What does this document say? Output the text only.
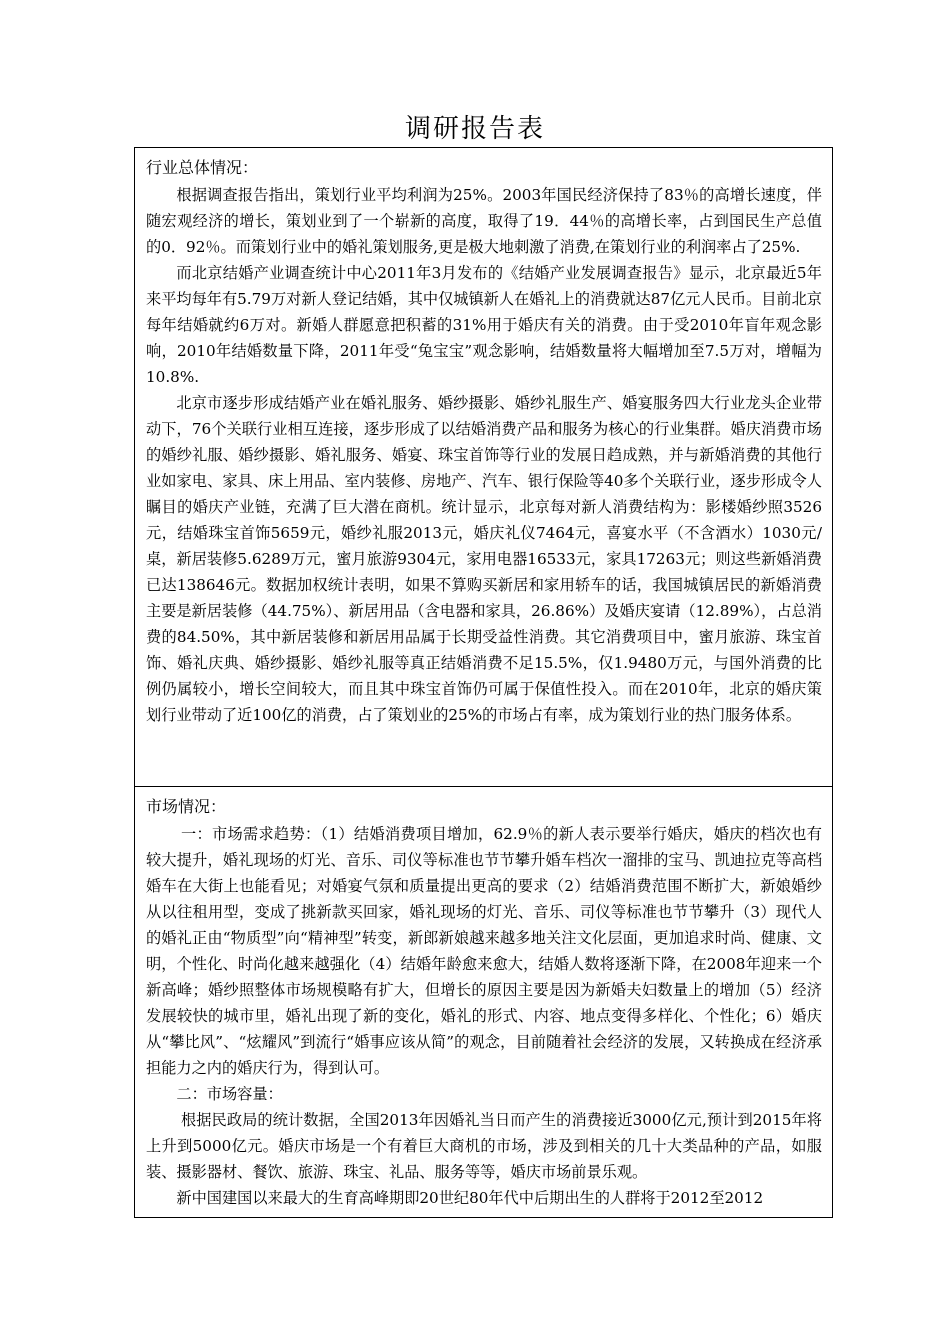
调研报告表
行业总体情况：

根据调查报告指出，策划行业平均利润为25%。2003年国民经济保持了83％的高增长速度，伴随宏观经济的增长，策划业到了一个崭新的高度，取得了19．44％的高增长率，占到国民生产总值的0．92％。而策划行业中的婚礼策划服务,更是极大地刺激了消费,在策划行业的利润率占了25%.

而北京结婚产业调查统计中心2011年3月发布的《结婚产业发展调查报告》显示，北京最近5年来平均每年有5.79万对新人登记结婚，其中仅城镇新人在婚礼上的消费就达87亿元人民币。目前北京每年结婚就约6万对。新婚人群愿意把积蓄的31%用于婚庆有关的消费。由于受2010年盲年观念影响，2010年结婚数量下降，2011年受“兔宝宝”观念影响，结婚数量将大幅增加至7.5万对，增幅为10.8%.

北京市逐步形成结婚产业在婚礼服务、婚纱摄影、婚纱礼服生产、婚宴服务四大行业龙头企业带动下，76个关联行业相互连接，逐步形成了以结婚消费产品和服务为核心的行业集群。婚庆消费市场的婚纱礼服、婚纱摄影、婚礼服务、婚宴、珠宝首饰等行业的发展日趋成熟，并与新婚消费的其他行业如家电、家具、床上用品、室内装修、房地产、汽车、银行保险等40多个关联行业，逐步形成令人瞩目的婚庆产业链，充满了巨大潜在商机。统计显示，北京每对新人消费结构为：影楼婚纱照3526元，结婚珠宝首饰5659元，婚纱礼服2013元，婚庆礼仪7464元，喜宴水平（不含酒水）1030元/桌，新居装修5.6289万元，蜜月旅游9304元，家用电器16533元，家具17263元；则这些新婚消费已达138646元。数据加权统计表明，如果不算购买新居和家用轿车的话，我国城镇居民的新婚消费主要是新居装修（44.75%）、新居用品（含电器和家具，26.86%）及婚庆宴请（12.89%），占总消费的84.50%，其中新居装修和新居用品属于长期受益性消费。其它消费项目中，蜜月旅游、珠宝首饰、婚礼庆典、婚纱摄影、婚纱礼服等真正结婚消费不足15.5%，仅1.9480万元，与国外消费的比例仍属较小，增长空间较大，而且其中珠宝首饰仍可属于保值性投入。而在2010年，北京的婚庆策划行业带动了近100亿的消费，占了策划业的25%的市场占有率，成为策划行业的热门服务体系。

市场情况：

一：市场需求趋势：（1）结婚消费项目增加，62.9％的新人表示要举行婚庆，婚庆的档次也有较大提升，婚礼现场的灯光、音乐、司仪等标准也节节攀升婚车档次一溜排的宝马、凯迪拉克等高档婚车在大街上也能看见；对婚宴气氛和质量提出更高的要求（2）结婚消费范围不断扩大，新娘婚纱从以往租用型，变成了挑新款买回家，婚礼现场的灯光、音乐、司仪等标准也节节攀升（3）现代人的婚礼正由“物质型”向“精神型”转变，新郎新娘越来越多地关注文化层面，更加追求时尚、健康、文明，个性化、时尚化越来越强化（4）结婚年龄愈来愈大，结婚人数将逐渐下降，在2008年迎来一个新高峰；婚纱照整体市场规模略有扩大，但增长的原因主要是因为新婚夫妇数量上的增加（5）经济发展较快的城市里，婚礼出现了新的变化，婚礼的形式、内容、地点变得多样化、个性化；6）婚庆从“攀比风”、“炫耀风”到流行“婚事应该从简”的观念，目前随着社会经济的发展，又转换成在经济承担能力之内的婚庆行为，得到认可。

二：市场容量：

根据民政局的统计数据，全国2013年因婚礼当日而产生的消费接近3000亿元,预计到2015年将上升到5000亿元。婚庆市场是一个有着巨大商机的市场，涉及到相关的几十大类品种的产品，如服装、摄影器材、餐饮、旅游、珠宝、礼品、服务等等，婚庆市场前景乐观。

新中国建国以来最大的生育高峰期即20世纪80年代中后期出生的人群将于2012至2012
